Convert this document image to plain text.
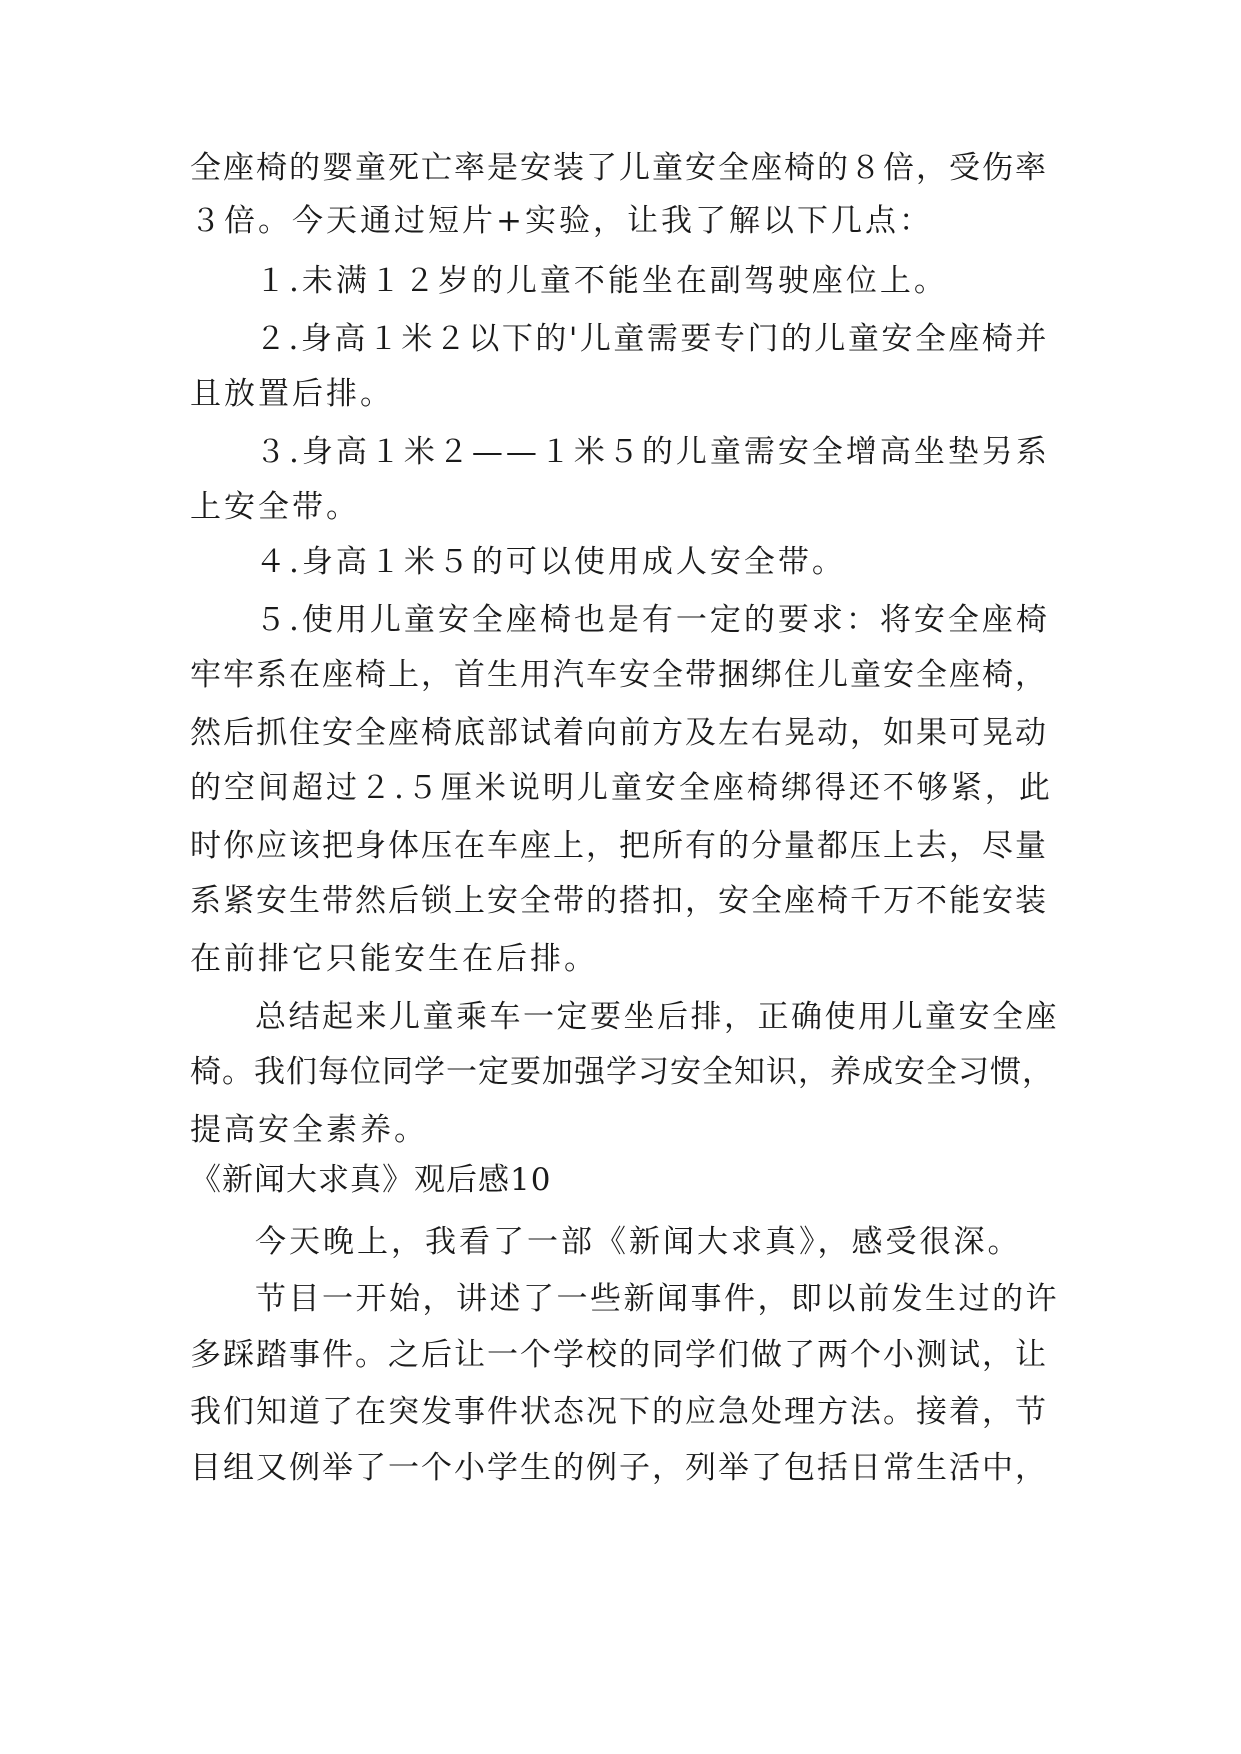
全座椅的婴童死亡率是安装了儿童安全座椅的８倍，受伤率
３倍。今天通过短片+实验，让我了解以下几点：
１.未满１２岁的儿童不能坐在副驾驶座位上。
２.身高１米２以下的'儿童需要专门的儿童安全座椅并
且放置后排。
３.身高１米２——１米５的儿童需安全增高坐垫另系
上安全带。
４.身高１米５的可以使用成人安全带。
５.使用儿童安全座椅也是有一定的要求：将安全座椅
牢牢系在座椅上，首生用汽车安全带捆绑住儿童安全座椅，
然后抓住安全座椅底部试着向前方及左右晃动，如果可晃动
的空间超过２.５厘米说明儿童安全座椅绑得还不够紧，此
时你应该把身体压在车座上，把所有的分量都压上去，尽量
系紧安生带然后锁上安全带的搭扣，安全座椅千万不能安装
在前排它只能安生在后排。
总结起来儿童乘车一定要坐后排，正确使用儿童安全座
椅。我们每位同学一定要加强学习安全知识，养成安全习惯，
提高安全素养。
《新闻大求真》观后感10
今天晚上，我看了一部《新闻大求真》，感受很深。
节目一开始，讲述了一些新闻事件，即以前发生过的许
多踩踏事件。之后让一个学校的同学们做了两个小测试，让
我们知道了在突发事件状态况下的应急处理方法。接着，节
目组又例举了一个小学生的例子，列举了包括日常生活中，
